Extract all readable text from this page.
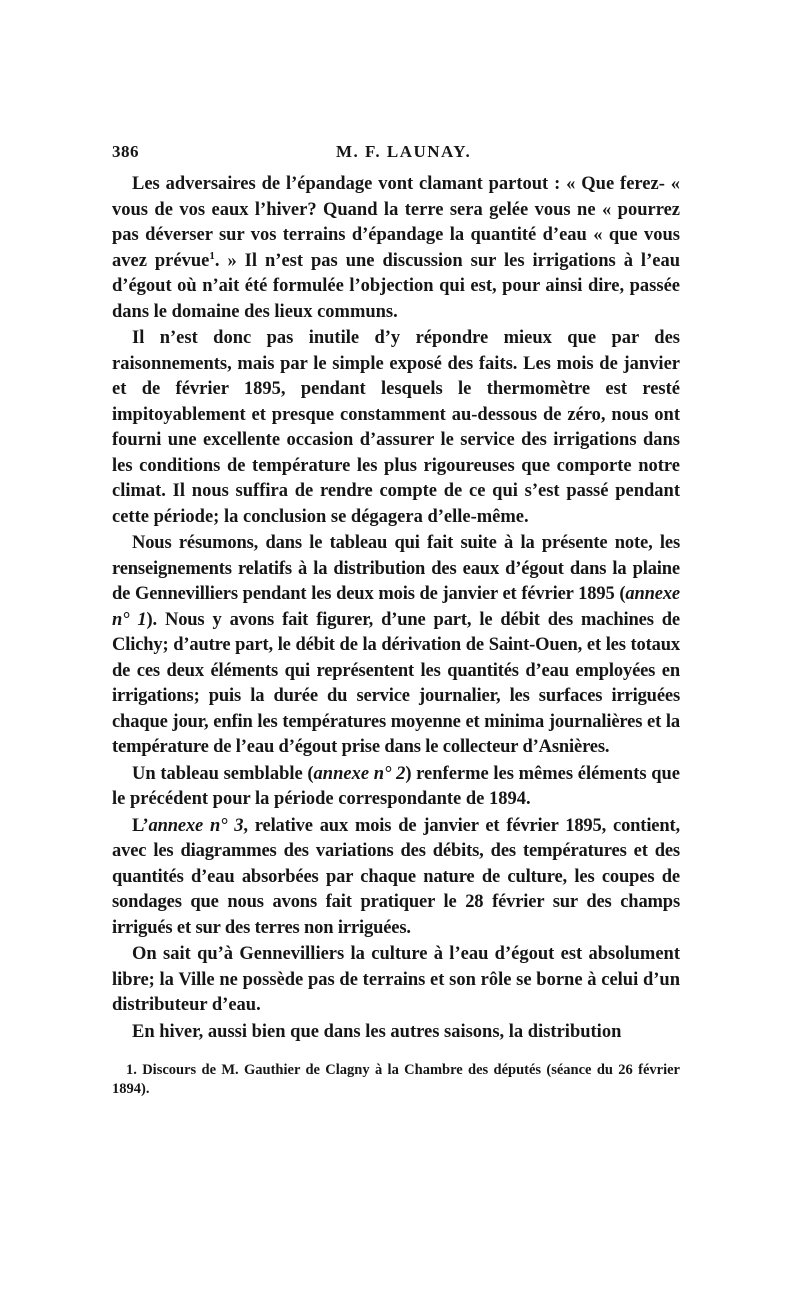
386	M. F. LAUNAY.

Les adversaires de l’épandage vont clamant partout : « Que ferez- « vous de vos eaux l’hiver? Quand la terre sera gelée vous ne « pourrez pas déverser sur vos terrains d’épandage la quantité d’eau « que vous avez prévue$^1$. » Il n’est pas une discussion sur les irrigations à l’eau d’égout où n’ait été formulée l’objection qui est, pour ainsi dire, passée dans le domaine des lieux communs.

Il n’est donc pas inutile d’y répondre mieux que par des raisonnements, mais par le simple exposé des faits. Les mois de janvier et de février 1895, pendant lesquels le thermomètre est resté impitoyablement et presque constamment au-dessous de zéro, nous ont fourni une excellente occasion d’assurer le service des irrigations dans les conditions de température les plus rigoureuses que comporte notre climat. Il nous suffira de rendre compte de ce qui s’est passé pendant cette période; la conclusion se dégagera d’elle-même.

Nous résumons, dans le tableau qui fait suite à la présente note, les renseignements relatifs à la distribution des eaux d’égout dans la plaine de Gennevilliers pendant les deux mois de janvier et février 1895 (annexe n° 1). Nous y avons fait figurer, d’une part, le débit des machines de Clichy; d’autre part, le débit de la dérivation de Saint-Ouen, et les totaux de ces deux éléments qui représentent les quantités d’eau employées en irrigations; puis la durée du service journalier, les surfaces irriguées chaque jour, enfin les températures moyenne et minima journalières et la température de l’eau d’égout prise dans le collecteur d’Asnières.

Un tableau semblable (annexe n° 2) renferme les mêmes éléments que le précédent pour la période correspondante de 1894.

L’annexe n° 3, relative aux mois de janvier et février 1895, contient, avec les diagrammes des variations des débits, des températures et des quantités d’eau absorbées par chaque nature de culture, les coupes de sondages que nous avons fait pratiquer le 28 février sur des champs irrigués et sur des terres non irriguées.

On sait qu’à Gennevilliers la culture à l’eau d’égout est absolument libre; la Ville ne possède pas de terrains et son rôle se borne à celui d’un distributeur d’eau.

En hiver, aussi bien que dans les autres saisons, la distribution

1. Discours de M. Gauthier de Clagny à la Chambre des députés (séance du 26 février 1894).
